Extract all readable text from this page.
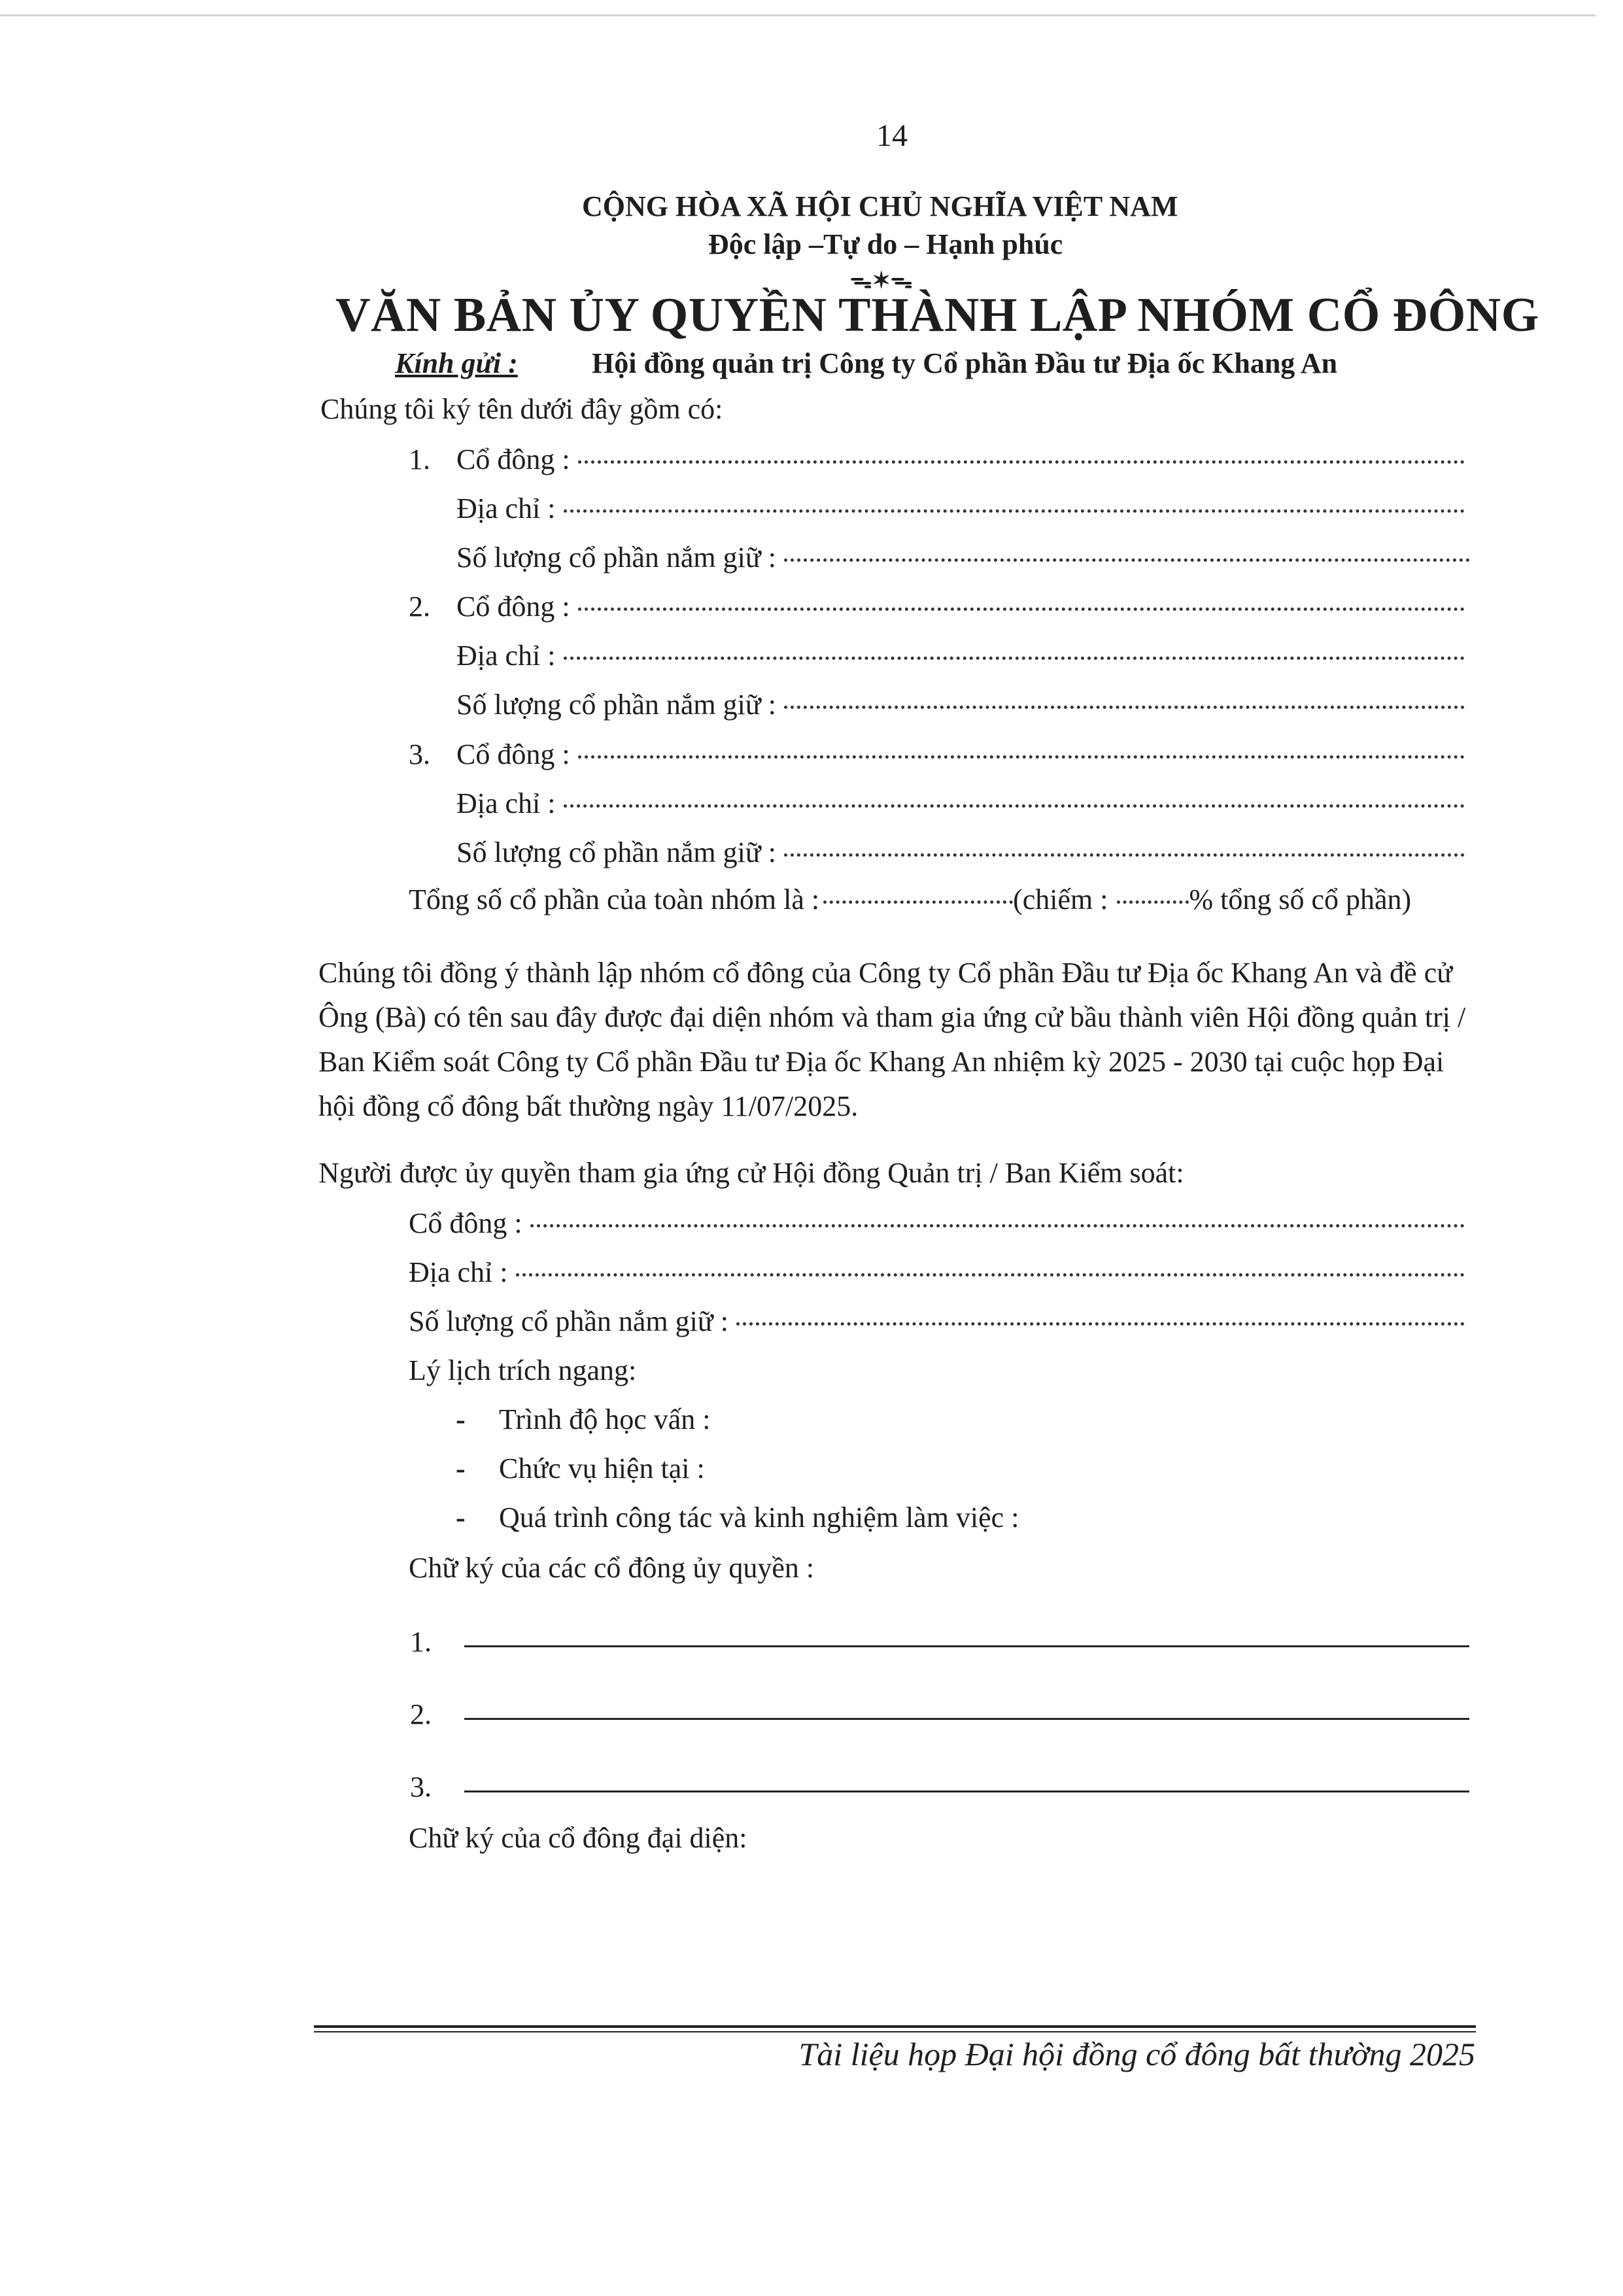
14
CỘNG HÒA XÃ HỘI CHỦ NGHĨA VIỆT NAM
Độc lập –Tự do – Hạnh phúc
ᯓ✶ᯓ
VĂN BẢN ỦY QUYỀN THÀNH LẬP NHÓM CỔ ĐÔNG
Kính gửi :	Hội đồng quản trị Công ty Cổ phần Đầu tư Địa ốc Khang An
Chúng tôi ký tên dưới đây gồm có:
1. Cổ đông :
Địa chỉ :
Số lượng cổ phần nắm giữ :
2. Cổ đông :
Địa chỉ :
Số lượng cổ phần nắm giữ :
3. Cổ đông :
Địa chỉ :
Số lượng cổ phần nắm giữ :
Tổng số cổ phần của toàn nhóm là :	(chiếm :	% tổng số cổ phần)
Chúng tôi đồng ý thành lập nhóm cổ đông của Công ty Cổ phần Đầu tư Địa ốc Khang An và đề cử Ông (Bà) có tên sau đây được đại diện nhóm và tham gia ứng cử bầu thành viên Hội đồng quản trị / Ban Kiểm soát Công ty Cổ phần Đầu tư Địa ốc Khang An nhiệm kỳ 2025 - 2030 tại cuộc họp Đại hội đồng cổ đông bất thường ngày 11/07/2025.
Người được ủy quyền tham gia ứng cử Hội đồng Quản trị / Ban Kiểm soát:
Cổ đông :
Địa chỉ :
Số lượng cổ phần nắm giữ :
Lý lịch trích ngang:
- Trình độ học vấn :
- Chức vụ hiện tại :
- Quá trình công tác và kinh nghiệm làm việc :
Chữ ký của các cổ đông ủy quyền :
1.
2.
3.
Chữ ký của cổ đông đại diện:
Tài liệu họp Đại hội đồng cổ đông bất thường 2025
